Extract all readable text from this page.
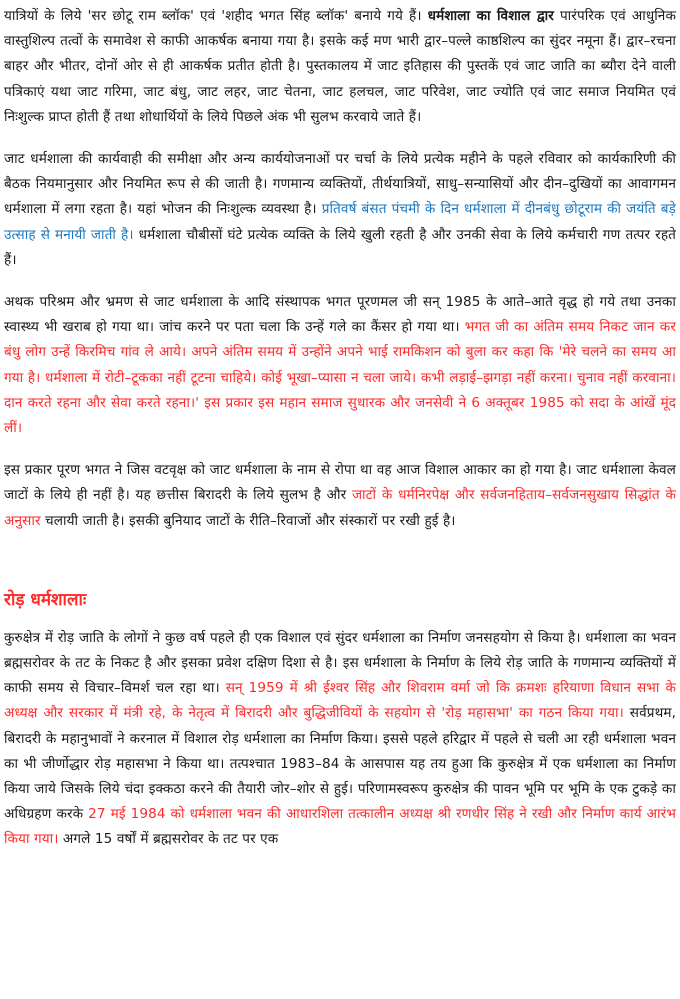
यात्रियों के लिये 'सर छोटू राम ब्लॉक' एवं 'शहीद भगत सिंह ब्लॉक' बनाये गये हैं। धर्मशाला का विशाल द्वार पारंपरिक एवं आधुनिक वास्तुशिल्प तत्वों के समावेश से काफी आकर्षक बनाया गया है। इसके कई मण भारी द्वार–पल्ले काष्ठशिल्प का सुंदर नमूना हैं। द्वार–रचना बाहर और भीतर, दोनों ओर से ही आकर्षक प्रतीत होती है। पुस्तकालय में जाट इतिहास की पुस्तकें एवं जाट जाति का ब्यौरा देने वाली पत्रिकाएं यथा जाट गरिमा, जाट बंधु, जाट लहर, जाट चेतना, जाट हलचल, जाट परिवेश, जाट ज्योति एवं जाट समाज नियमित एवं निःशुल्क प्राप्त होती हैं तथा शोधार्थियों के लिये पिछले अंक भी सुलभ करवाये जाते हैं।

जाट धर्मशाला की कार्यवाही की समीक्षा और अन्य कार्ययोजनाओं पर चर्चा के लिये प्रत्येक महीने के पहले रविवार को कार्यकारिणी की बैठक नियमानुसार और नियमित रूप से की जाती है। गणमान्य व्यक्तियों, तीर्थयात्रियों, साधु–सन्यासियों और दीन–दुखियों का आवागमन धर्मशाला में लगा रहता है। यहां भोजन की निःशुल्क व्यवस्था है। प्रतिवर्ष बंसत पंचमी के दिन धर्मशाला में दीनबंधु छोटूराम की जयंति बड़े उत्साह से मनायी जाती है। धर्मशाला चौबीसों घंटे प्रत्येक व्यक्ति के लिये खुली रहती है और उनकी सेवा के लिये कर्मचारी गण तत्पर रहते हैं।

अथक परिश्रम और भ्रमण से जाट धर्मशाला के आदि संस्थापक भगत पूरणमल जी सन् 1985 के आते–आते वृद्ध हो गये तथा उनका स्वास्थ्य भी खराब हो गया था। जांच करने पर पता चला कि उन्हें गले का कैंसर हो गया था। भगत जी का अंतिम समय निकट जान कर बंधु लोग उन्हें किरमिच गांव ले आये। अपने अंतिम समय में उन्होंने अपने भाई रामकिशन को बुला कर कहा कि 'मेरे चलने का समय आ गया है। धर्मशाला में रोटी–टूकका नहीं टूटना चाहिये। कोई भूखा–प्यासा न चला जाये। कभी लड़ाई–झगड़ा नहीं करना। चुनाव नहीं करवाना। दान करते रहना और सेवा करते रहना।' इस प्रकार इस महान समाज सुधारक और जनसेवी ने 6 अक्तूबर 1985 को सदा के आंखें मूंद लीं।

इस प्रकार पूरण भगत ने जिस वटवृक्ष को जाट धर्मशाला के नाम से रोपा था वह आज विशाल आकार का हो गया है। जाट धर्मशाला केवल जाटों के लिये ही नहीं है। यह छत्तीस बिरादरी के लिये सुलभ है और जाटों के धर्मनिरपेक्ष और सर्वजनहिताय–सर्वजनसुखाय सिद्धांत के अनुसार चलायी जाती है। इसकी बुनियाद जाटों के रीति–रिवाजों और संस्कारों पर रखी हुई है।

रोड़ धर्मशालाः

कुरुक्षेत्र में रोड़ जाति के लोगों ने कुछ वर्ष पहले ही एक विशाल एवं सुंदर धर्मशाला का निर्माण जनसहयोग से किया है। धर्मशाला का भवन ब्रह्मसरोवर के तट के निकट है और इसका प्रवेश दक्षिण दिशा से है। इस धर्मशाला के निर्माण के लिये रोड़ जाति के गणमान्य व्यक्तियों में काफी समय से विचार–विमर्श चल रहा था। सन् 1959 में श्री ईश्वर सिंह और शिवराम वर्मा जो कि क्रमशः हरियाणा विधान सभा के अध्यक्ष और सरकार में मंत्री रहे, के नेतृत्व में बिरादरी और बुद्धिजीवियों के सहयोग से 'रोड़ महासभा' का गठन किया गया। सर्वप्रथम, बिरादरी के महानुभावों ने करनाल में विशाल रोड़ धर्मशाला का निर्माण किया। इससे पहले हरिद्वार में पहले से चली आ रही धर्मशाला भवन का भी जीर्णोद्धार रोड़ महासभा ने किया था। तत्पश्चात 1983–84 के आसपास यह तय हुआ कि कुरुक्षेत्र में एक धर्मशाला का निर्माण किया जाये जिसके लिये चंदा इक्कठा करने की तैयारी जोर–शोर से हुई। परिणामस्वरूप कुरुक्षेत्र की पावन भूमि पर भूमि के एक टुकड़े का अधिग्रहण करके 27 मई 1984 को धर्मशाला भवन की आधारशिला तत्कालीन अध्यक्ष श्री रणधीर सिंह ने रखी और निर्माण कार्य आरंभ किया गया। अगले 15 वर्षों में ब्रह्मसरोवर के तट पर एक
